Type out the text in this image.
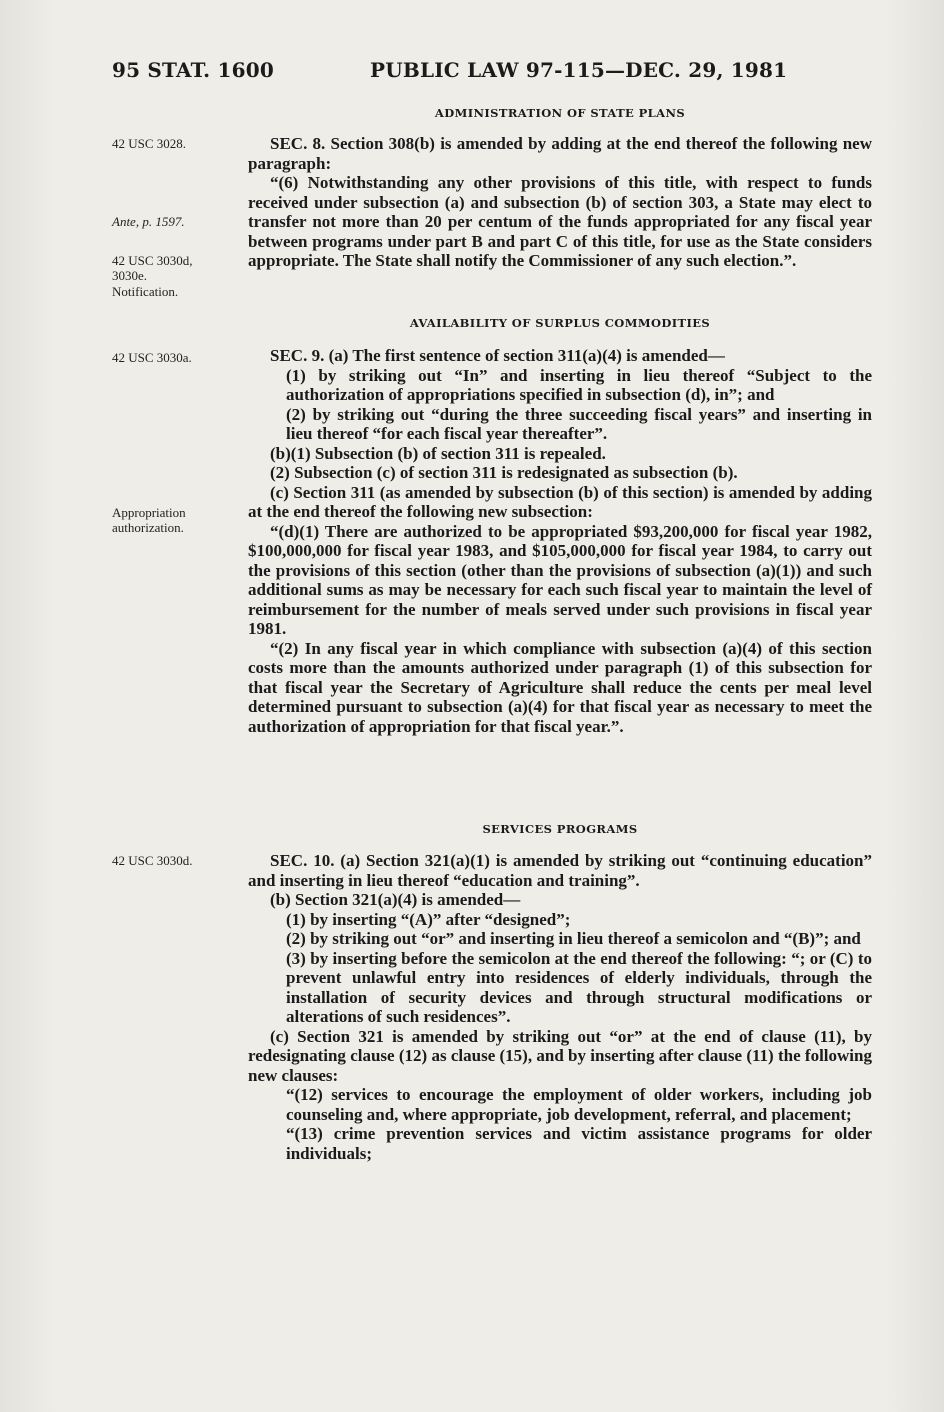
95 STAT. 1600	PUBLIC LAW 97-115—DEC. 29, 1981
42 USC 3028.
Ante, p. 1597.
42 USC 3030d, 3030e.
Notification.
42 USC 3030a.
Appropriation authorization.
42 USC 3030d.
ADMINISTRATION OF STATE PLANS

SEC. 8. Section 308(b) is amended by adding at the end thereof the following new paragraph:

“(6) Notwithstanding any other provisions of this title, with respect to funds received under subsection (a) and subsection (b) of section 303, a State may elect to transfer not more than 20 per centum of the funds appropriated for any fiscal year between programs under part B and part C of this title, for use as the State considers appropriate. The State shall notify the Commissioner of any such election.”.

AVAILABILITY OF SURPLUS COMMODITIES

SEC. 9. (a) The first sentence of section 311(a)(4) is amended—

(1) by striking out “In” and inserting in lieu thereof “Subject to the authorization of appropriations specified in subsection (d), in”; and

(2) by striking out “during the three succeeding fiscal years” and inserting in lieu thereof “for each fiscal year thereafter”.

(b)(1) Subsection (b) of section 311 is repealed.

(2) Subsection (c) of section 311 is redesignated as subsection (b).

(c) Section 311 (as amended by subsection (b) of this section) is amended by adding at the end thereof the following new subsection:

“(d)(1) There are authorized to be appropriated $93,200,000 for fiscal year 1982, $100,000,000 for fiscal year 1983, and $105,000,000 for fiscal year 1984, to carry out the provisions of this section (other than the provisions of subsection (a)(1)) and such additional sums as may be necessary for each such fiscal year to maintain the level of reimbursement for the number of meals served under such provisions in fiscal year 1981.

“(2) In any fiscal year in which compliance with subsection (a)(4) of this section costs more than the amounts authorized under paragraph (1) of this subsection for that fiscal year the Secretary of Agriculture shall reduce the cents per meal level determined pursuant to subsection (a)(4) for that fiscal year as necessary to meet the authorization of appropriation for that fiscal year.”.

SERVICES PROGRAMS

SEC. 10. (a) Section 321(a)(1) is amended by striking out “continuing education” and inserting in lieu thereof “education and training”.

(b) Section 321(a)(4) is amended—

(1) by inserting “(A)” after “designed”;

(2) by striking out “or” and inserting in lieu thereof a semicolon and “(B)”; and

(3) by inserting before the semicolon at the end thereof the following: “; or (C) to prevent unlawful entry into residences of elderly individuals, through the installation of security devices and through structural modifications or alterations of such residences”.

(c) Section 321 is amended by striking out “or” at the end of clause (11), by redesignating clause (12) as clause (15), and by inserting after clause (11) the following new clauses:

“(12) services to encourage the employment of older workers, including job counseling and, where appropriate, job development, referral, and placement;

“(13) crime prevention services and victim assistance programs for older individuals;
